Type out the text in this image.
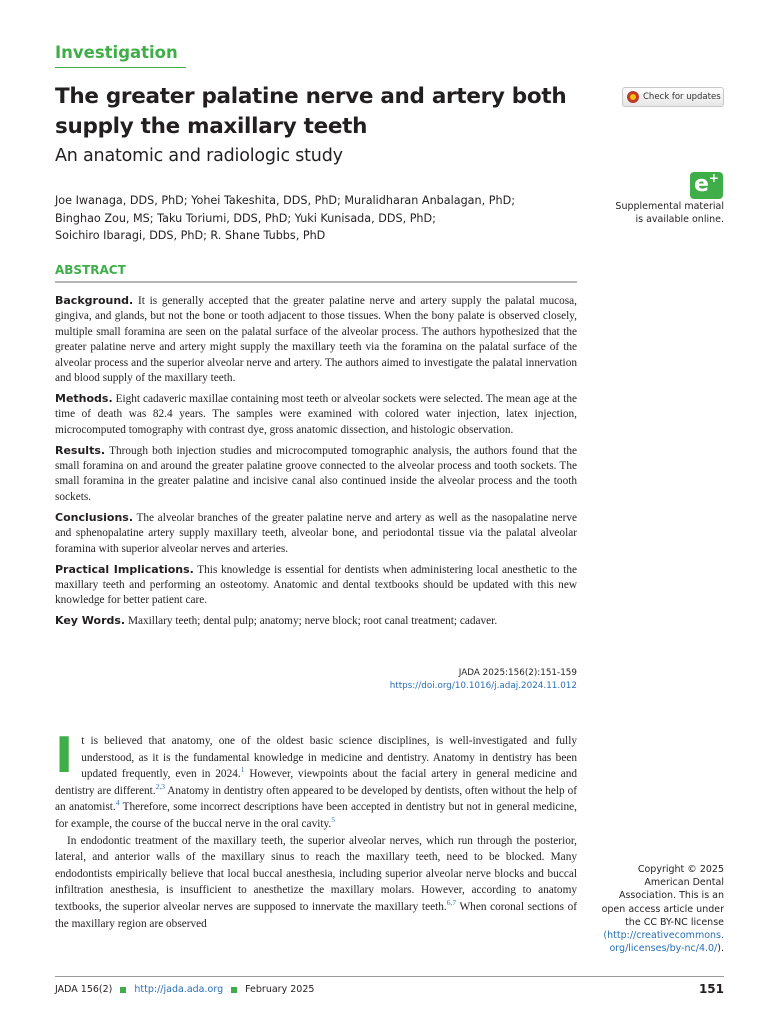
Investigation
The greater palatine nerve and artery both supply the maxillary teeth
An anatomic and radiologic study
Joe Iwanaga, DDS, PhD; Yohei Takeshita, DDS, PhD; Muralidharan Anbalagan, PhD;
Binghao Zou, MS; Taku Toriumi, DDS, PhD; Yuki Kunisada, DDS, PhD;
Soichiro Ibaragi, DDS, PhD; R. Shane Tubbs, PhD
Check for updates
e+
Supplemental material
is available online.
ABSTRACT

Background. It is generally accepted that the greater palatine nerve and artery supply the palatal mucosa, gingiva, and glands, but not the bone or tooth adjacent to those tissues. When the bony palate is observed closely, multiple small foramina are seen on the palatal surface of the alveolar process. The authors hypothesized that the greater palatine nerve and artery might supply the maxillary teeth via the foramina on the palatal surface of the alveolar process and the superior alveolar nerve and artery. The authors aimed to investigate the palatal innervation and blood supply of the maxillary teeth.

Methods. Eight cadaveric maxillae containing most teeth or alveolar sockets were selected. The mean age at the time of death was 82.4 years. The samples were examined with colored water injection, latex injection, microcomputed tomography with contrast dye, gross anatomic dissection, and histologic observation.

Results. Through both injection studies and microcomputed tomographic analysis, the authors found that the small foramina on and around the greater palatine groove connected to the alveolar process and tooth sockets. The small foramina in the greater palatine and incisive canal also continued inside the alveolar process and the tooth sockets.

Conclusions. The alveolar branches of the greater palatine nerve and artery as well as the nasopalatine nerve and sphenopalatine artery supply maxillary teeth, alveolar bone, and periodontal tissue via the palatal alveolar foramina with superior alveolar nerves and arteries.

Practical Implications. This knowledge is essential for dentists when administering local anesthetic to the maxillary teeth and performing an osteotomy. Anatomic and dental textbooks should be updated with this new knowledge for better patient care.

Key Words. Maxillary teeth; dental pulp; anatomy; nerve block; root canal treatment; cadaver.

JADA 2025:156(2):151-159
https://doi.org/10.1016/j.adaj.2024.11.012

It is believed that anatomy, one of the oldest basic science disciplines, is well-investigated and fully understood, as it is the fundamental knowledge in medicine and dentistry. Anatomy in dentistry has been updated frequently, even in 2024.$^1$ However, viewpoints about the facial artery in general medicine and dentistry are different.$^{2,3}$ Anatomy in dentistry often appeared to be developed by dentists, often without the help of an anatomist.$^4$ Therefore, some incorrect descriptions have been accepted in dentistry but not in general medicine, for example, the course of the buccal nerve in the oral cavity.$^5$

In endodontic treatment of the maxillary teeth, the superior alveolar nerves, which run through the posterior, lateral, and anterior walls of the maxillary sinus to reach the maxillary teeth, need to be blocked. Many endodontists empirically believe that local buccal anesthesia, including superior alveolar nerve blocks and buccal infiltration anesthesia, is insufficient to anesthetize the maxillary molars. However, according to anatomy textbooks, the superior alveolar nerves are supposed to innervate the maxillary teeth.$^{6,7}$ When coronal sections of the maxillary region are observed

Copyright © 2025
American Dental
Association. This is an
open access article under
the CC BY-NC license
(http://creativecommons.
org/licenses/by-nc/4.0/).
JADA 156(2) http://jada.ada.org February 2025	151
